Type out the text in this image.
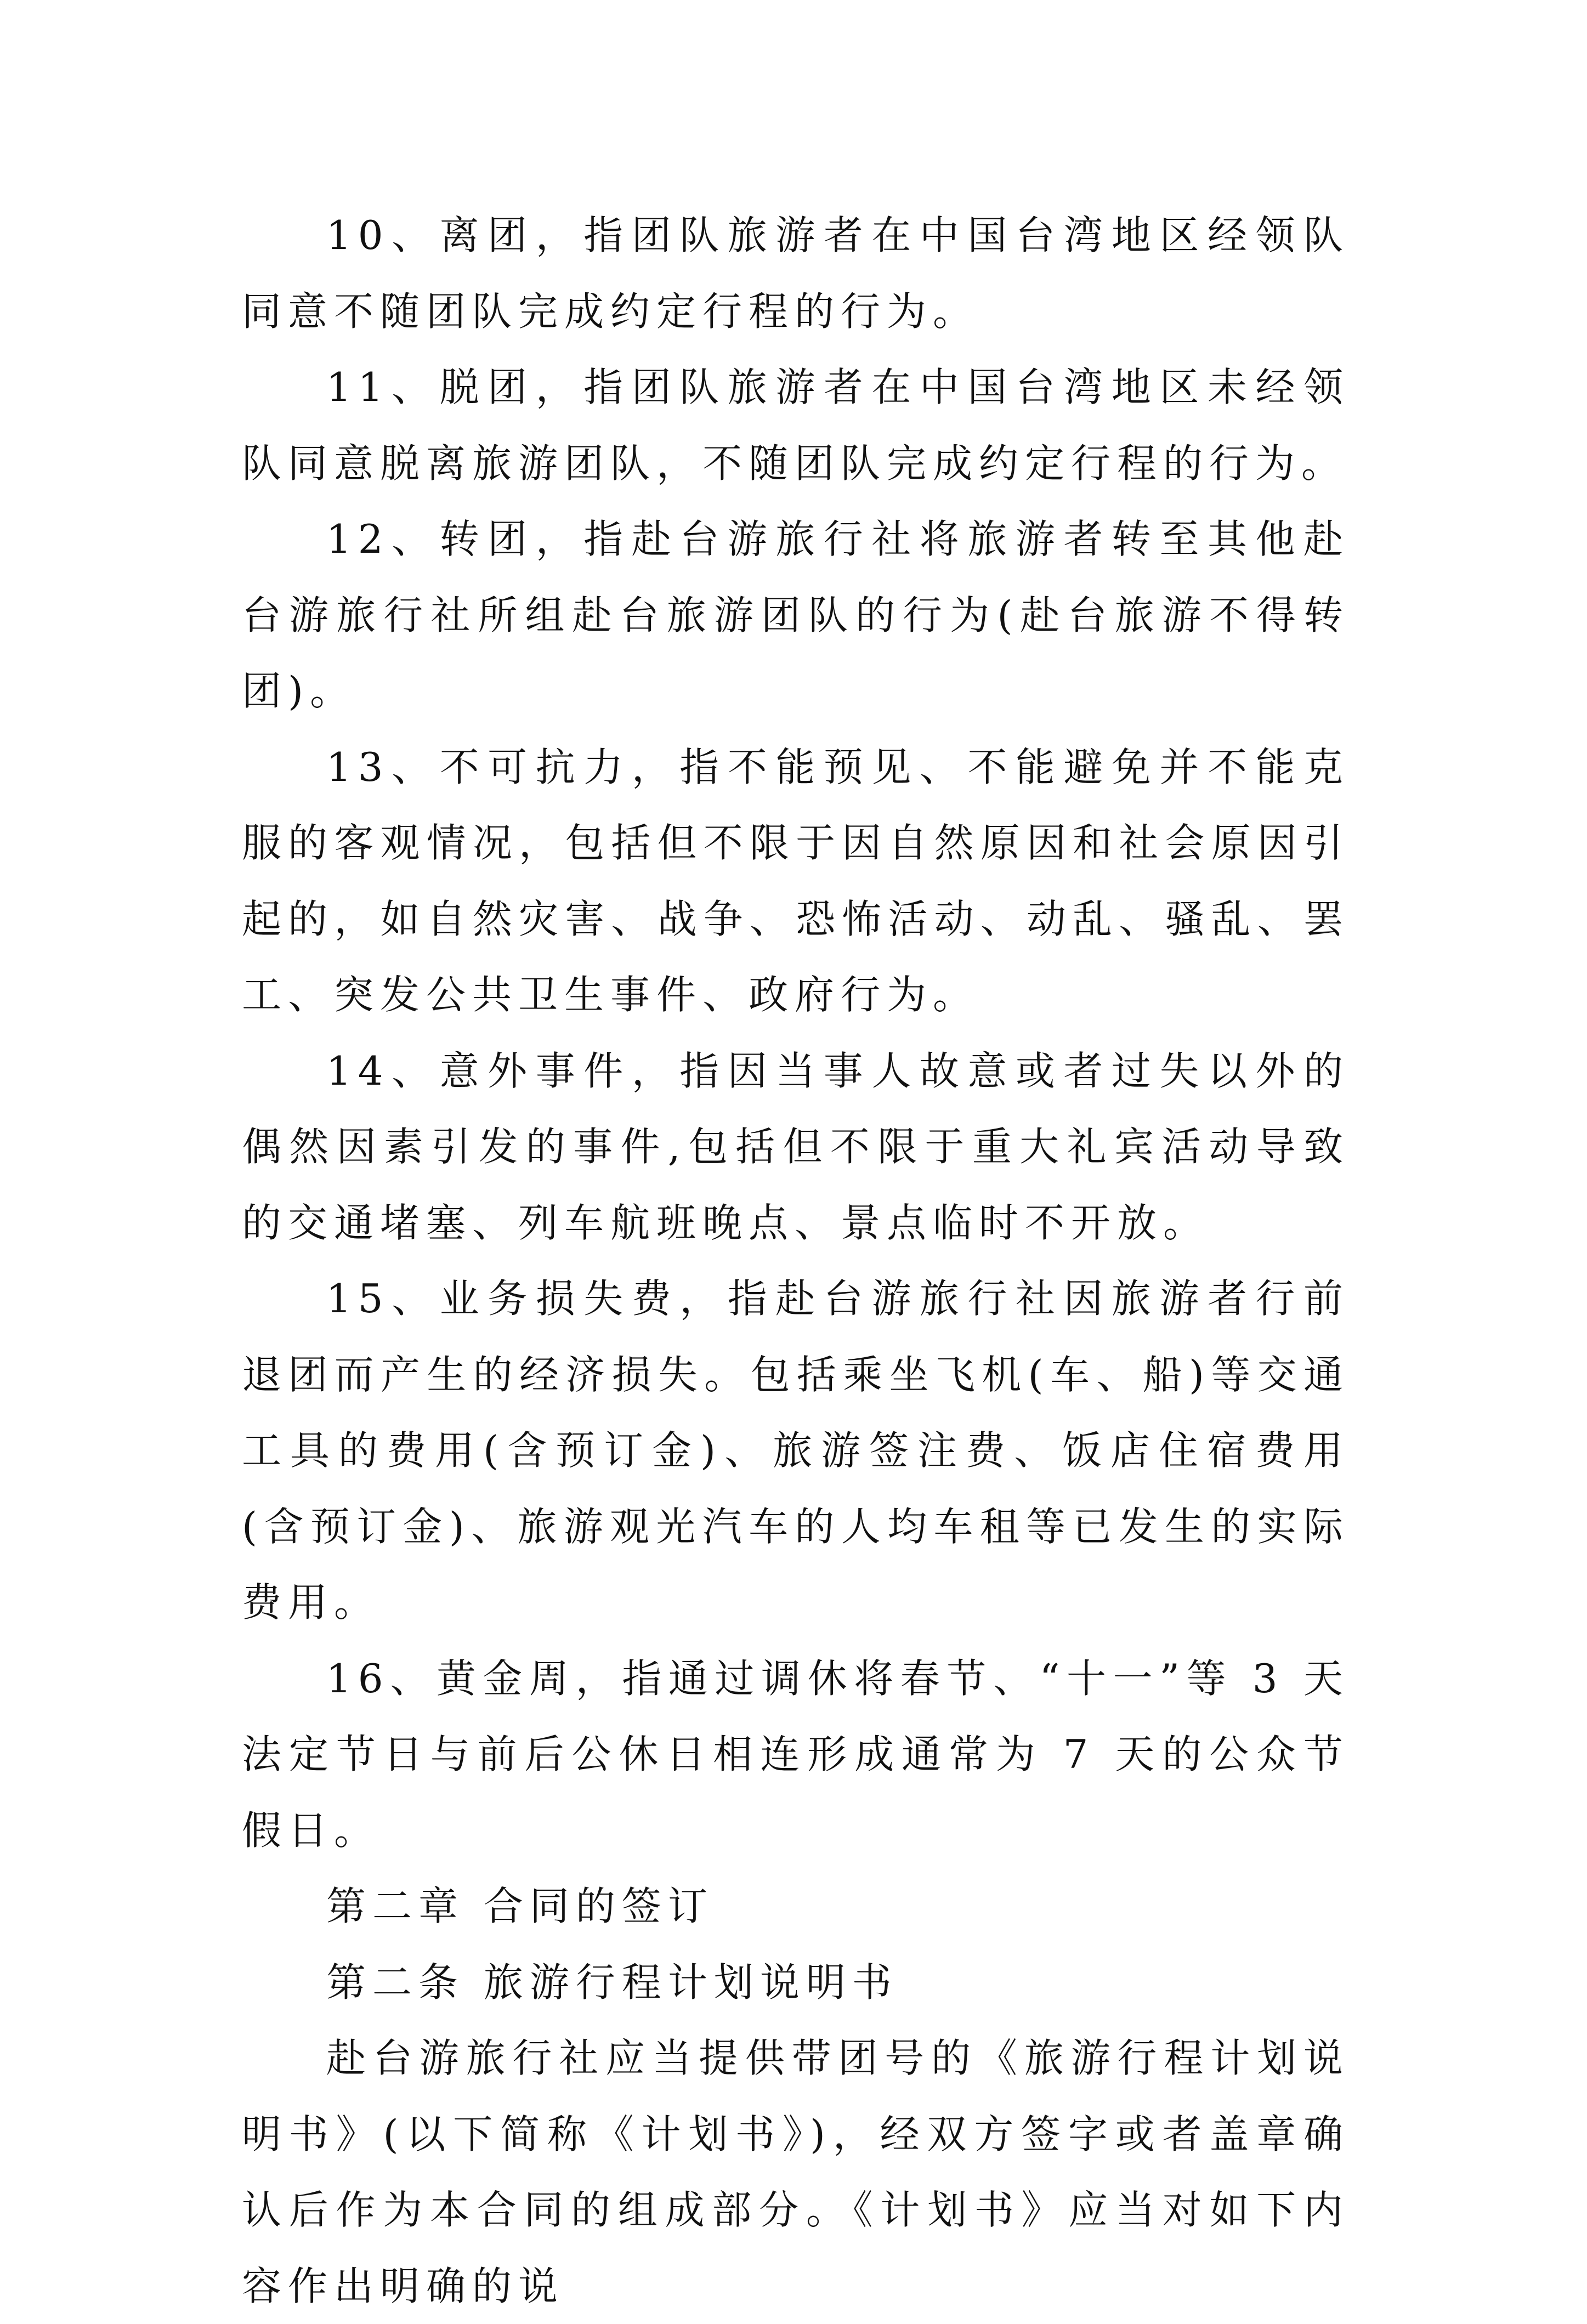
10、离团，指团队旅游者在中国台湾地区经领队同意不随团队完成约定行程的行为。

11、脱团，指团队旅游者在中国台湾地区未经领队同意脱离旅游团队，不随团队完成约定行程的行为。

12、转团，指赴台游旅行社将旅游者转至其他赴台游旅行社所组赴台旅游团队的行为(赴台旅游不得转团)。

13、不可抗力，指不能预见、不能避免并不能克服的客观情况，包括但不限于因自然原因和社会原因引起的，如自然灾害、战争、恐怖活动、动乱、骚乱、罢工、突发公共卫生事件、政府行为。

14、意外事件，指因当事人故意或者过失以外的偶然因素引发的事件,包括但不限于重大礼宾活动导致的交通堵塞、列车航班晚点、景点临时不开放。

15、业务损失费，指赴台游旅行社因旅游者行前退团而产生的经济损失。包括乘坐飞机(车、船)等交通工具的费用(含预订金)、旅游签注费、饭店住宿费用(含预订金)、旅游观光汽车的人均车租等已发生的实际费用。

16、黄金周，指通过调休将春节、“十一”等 3 天法定节日与前后公休日相连形成通常为 7 天的公众节假日。

第二章 合同的签订

第二条 旅游行程计划说明书

赴台游旅行社应当提供带团号的《旅游行程计划说明书》(以下简称《计划书》)，经双方签字或者盖章确认后作为本合同的组成部分。《计划书》应当对如下内容作出明确的说
